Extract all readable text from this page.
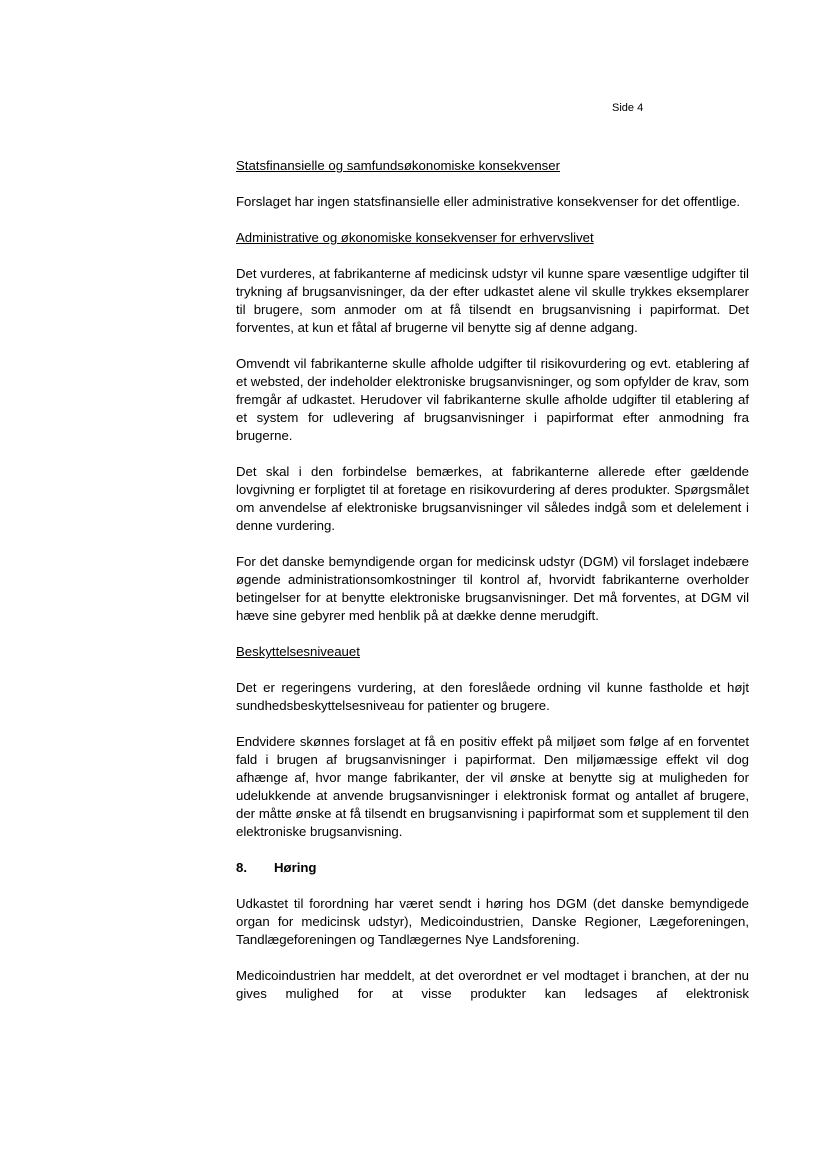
Side 4
Statsfinansielle og samfundsøkonomiske konsekvenser
Forslaget har ingen statsfinansielle eller administrative konsekvenser for det offentlige.
Administrative og økonomiske konsekvenser for erhvervslivet
Det vurderes, at fabrikanterne af medicinsk udstyr vil kunne spare væsentlige udgifter til trykning af brugsanvisninger, da der efter udkastet alene vil skulle trykkes eksemplarer til brugere, som anmoder om at få tilsendt en brugsanvisning i papirformat. Det forventes, at kun et fåtal af brugerne vil benytte sig af denne adgang.
Omvendt vil fabrikanterne skulle afholde udgifter til risikovurdering og evt. etablering af et websted, der indeholder elektroniske brugsanvisninger, og som opfylder de krav, som fremgår af udkastet. Herudover vil fabrikanterne skulle afholde udgifter til etablering af et system for udlevering af brugsanvisninger i papirformat efter anmodning fra brugerne.
Det skal i den forbindelse bemærkes, at fabrikanterne allerede efter gældende lovgivning er forpligtet til at foretage en risikovurdering af deres produkter. Spørgsmålet om anvendelse af elektroniske brugsanvisninger vil således indgå som et delelement i denne vurdering.
For det danske bemyndigende organ for medicinsk udstyr (DGM) vil forslaget indebære øgende administrationsomkostninger til kontrol af, hvorvidt fabrikanterne overholder betingelser for at benytte elektroniske brugsanvisninger. Det må forventes, at DGM vil hæve sine gebyrer med henblik på at dække denne merudgift.
Beskyttelsesniveauet
Det er regeringens vurdering, at den foreslåede ordning vil kunne fastholde et højt sundhedsbeskyttelsesniveau for patienter og brugere.
Endvidere skønnes forslaget at få en positiv effekt på miljøet som følge af en forventet fald i brugen af brugsanvisninger i papirformat. Den miljømæssige effekt vil dog afhænge af, hvor mange fabrikanter, der vil ønske at benytte sig at muligheden for udelukkende at anvende brugsanvisninger i elektronisk format og antallet af brugere, der måtte ønske at få tilsendt en brugsanvisning i papirformat som et supplement til den elektroniske brugsanvisning.
8. Høring
Udkastet til forordning har været sendt i høring hos DGM (det danske bemyndigede organ for medicinsk udstyr), Medicoindustrien, Danske Regioner, Lægeforeningen, Tandlægeforeningen og Tandlægernes Nye Landsforening.
Medicoindustrien har meddelt, at det overordnet er vel modtaget i branchen, at der nu gives mulighed for at visse produkter kan ledsages af elektronisk
